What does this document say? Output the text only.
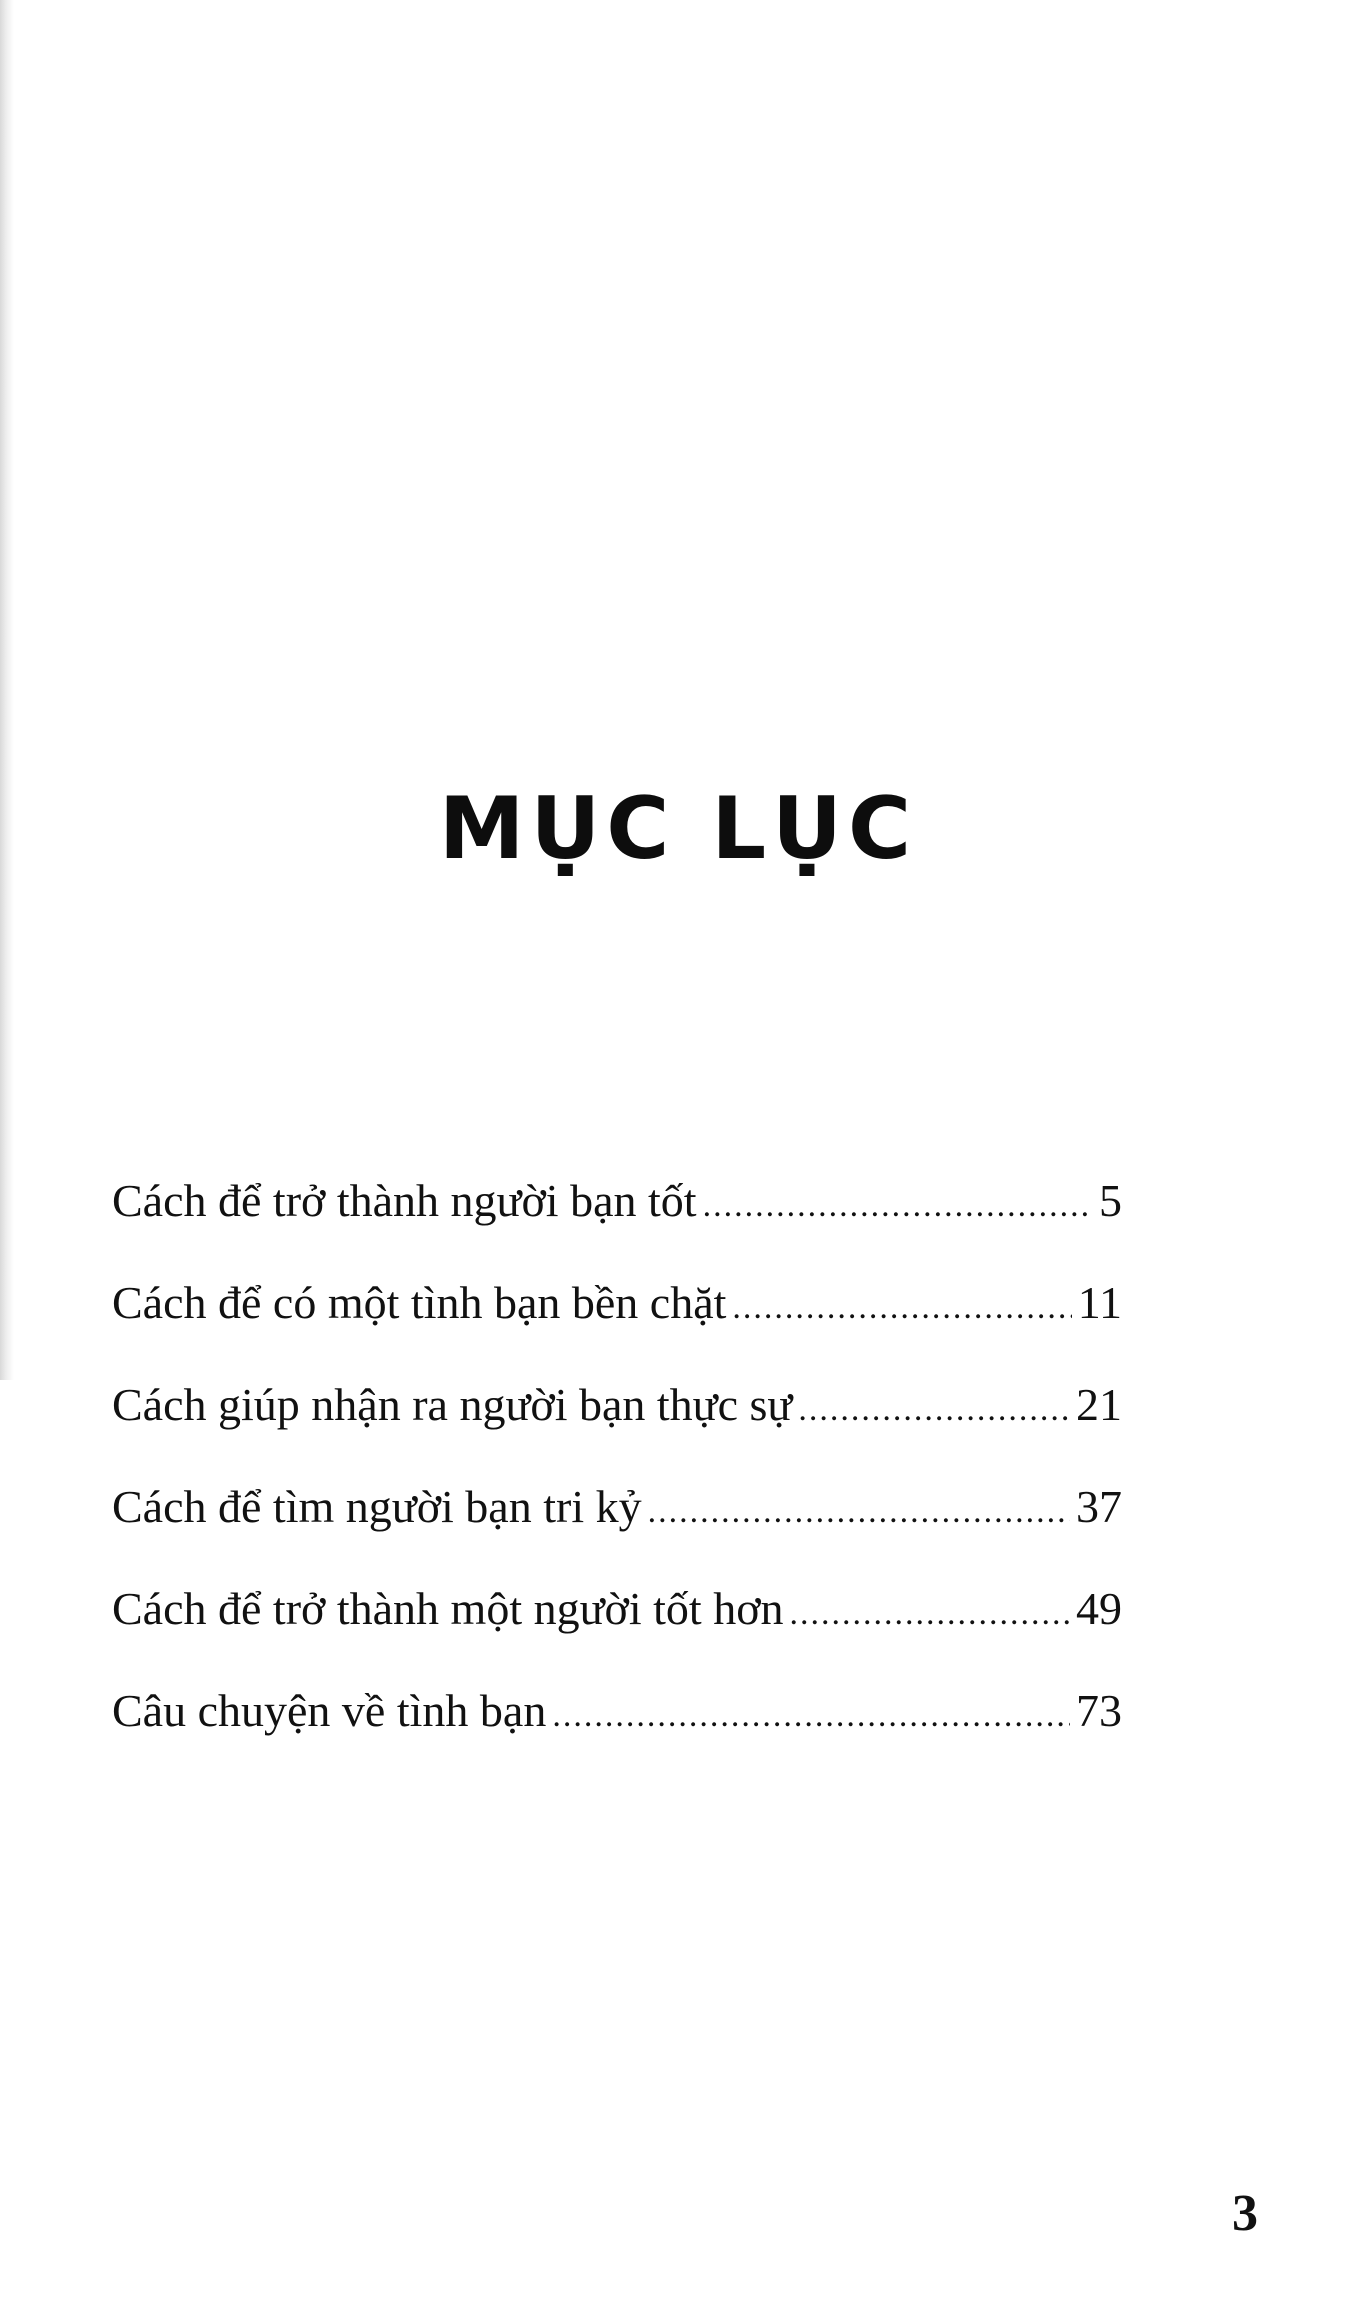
MỤC LỤC
Cách để trở thành người bạn tốt .....	5
Cách để có một tình bạn bền chặt .....	11
Cách giúp nhận ra người bạn thực sự .....	21
Cách để tìm người bạn tri kỷ .....	37
Cách để trở thành một người tốt hơn .....	49
Câu chuyện về tình bạn .....	73
3
